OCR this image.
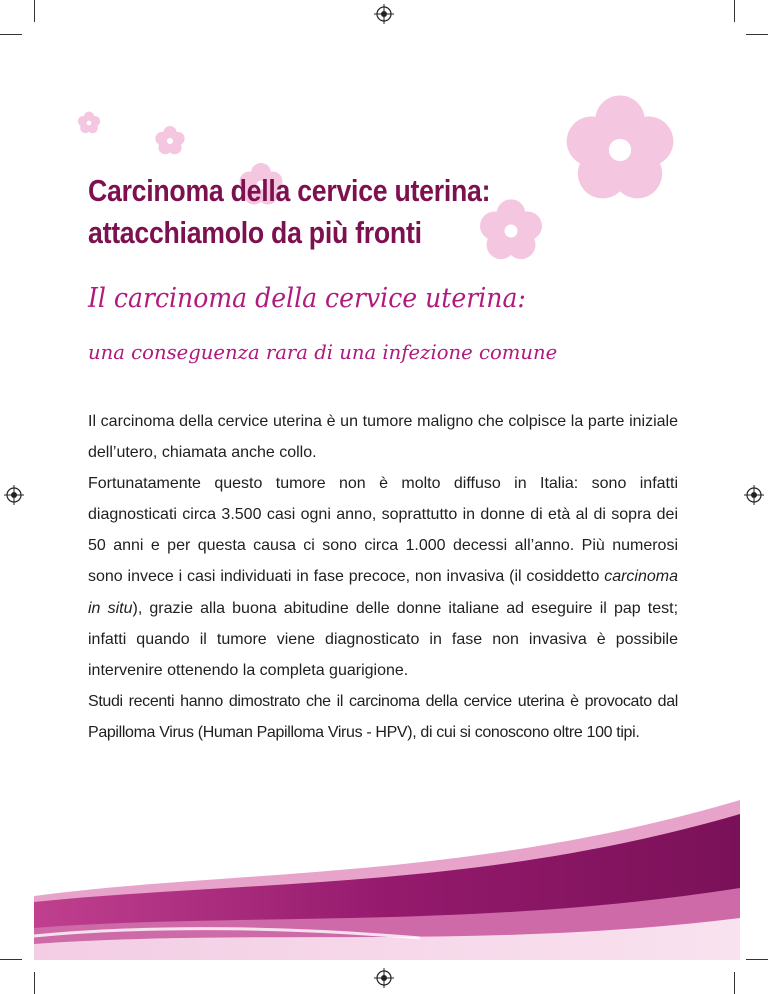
Carcinoma della cervice uterina:
attacchiamolo da più fronti
Il carcinoma della cervice uterina:
una conseguenza rara di una infezione comune

Il carcinoma della cervice uterina è un tumore maligno che colpisce la parte iniziale dell’utero, chiamata anche collo.

Fortunatamente questo tumore non è molto diffuso in Italia: sono infatti diagnosticati circa 3.500 casi ogni anno, soprattutto in donne di età al di sopra dei 50 anni e per questa causa ci sono circa 1.000 decessi all’anno. Più numerosi sono invece i casi individuati in fase precoce, non invasiva (il cosiddetto carcinoma in situ), grazie alla buona abitudine delle donne italiane ad eseguire il pap test; infatti quando il tumore viene diagnosticato in fase non invasiva è possibile intervenire ottenendo la completa guarigione.

Studi recenti hanno dimostrato che il carcinoma della cervice uterina è provocato dal Papilloma Virus (Human Papilloma Virus - HPV), di cui si conoscono oltre 100 tipi.
